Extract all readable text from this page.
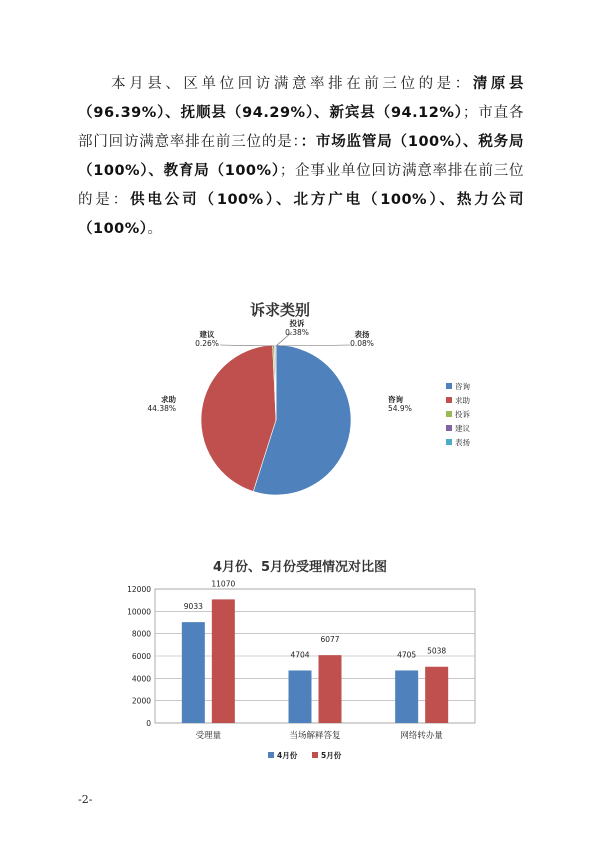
本月县、区单位回访满意率排在前三位的是：清原县（96.39%）、抚顺县（94.29%）、新宾县（94.12%）；市直各部门回访满意率排在前三位的是：：市场监管局（100%）、税务局（100%）、教育局（100%）；企事业单位回访满意率排在前三位的是：供电公司（100%）、北方广电（100%）、热力公司（100%）。
诉求类别
4月份、5月份受理情况对比图
咨询
54.9%
求助
44.38%
投诉
0.38%
建议
0.26%
表扬
0.08%
咨询
求助
投诉
建议
表扬
0
2000
4000
6000
8000
10000
12000
受理量
9033
11070
当场解释答复
4704
6077
网络转办量
4705 5038
4月份	5月份
-2-
